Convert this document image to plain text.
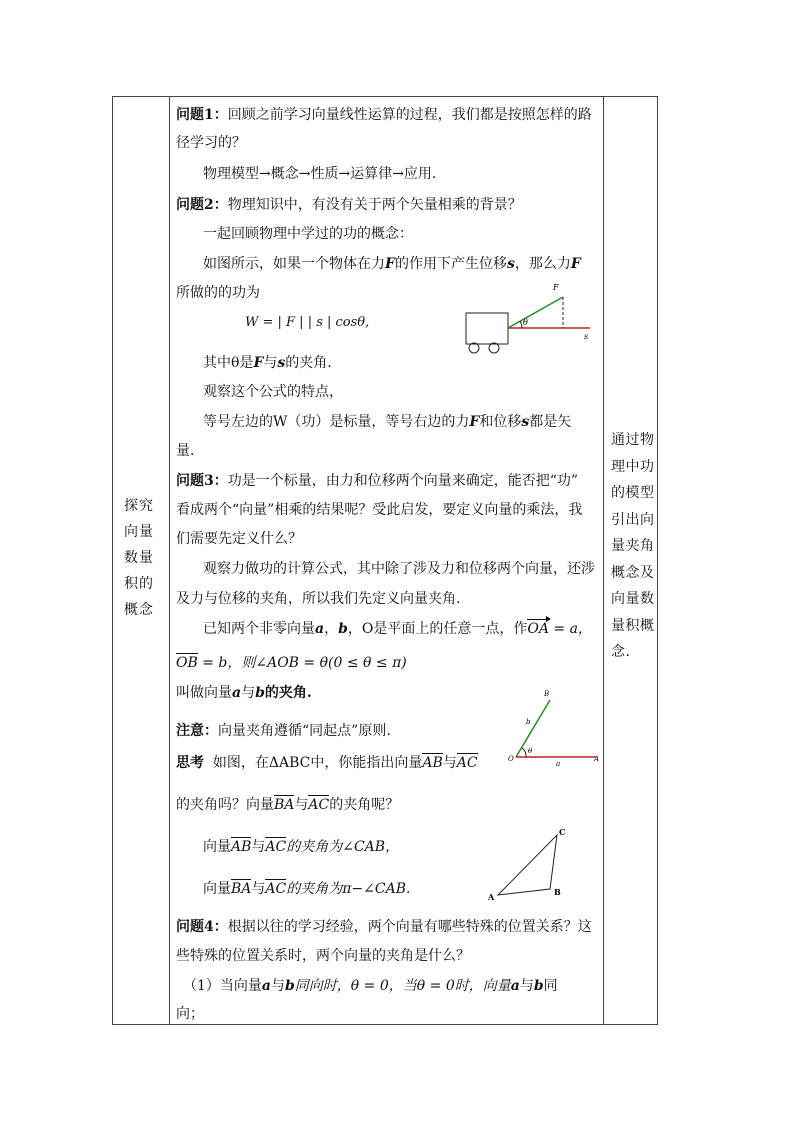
探究向量数量积的概念
通过物理中功的模型引出向量夹角概念及向量数量积概念.
问题1：回顾之前学习向量线性运算的过程，我们都是按照怎样的路
径学习的？
物理模型→概念→性质→运算律→应用.
问题2：物理知识中，有没有关于两个矢量相乘的背景？
一起回顾物理中学过的功的概念：
如图所示，如果一个物体在力F的作用下产生位移s，那么力F
所做的的功为
W = | F | | s | cosθ,
F
θ
s
其中θ是F与s的夹角.
观察这个公式的特点，
等号左边的W（功）是标量，等号右边的力F和位移s都是矢
量.
问题3：功是一个标量，由力和位移两个向量来确定，能否把“功”
看成两个“向量”相乘的结果呢？受此启发，要定义向量的乘法，我
们需要先定义什么？
观察力做功的计算公式，其中除了涉及力和位移两个向量，还涉
及力与位移的夹角，所以我们先定义向量夹角.
已知两个非零向量a，b，O是平面上的任意一点，作OA = a，
OB = b，则∠AOB = θ(0 ≤ θ ≤ π)
叫做向量a与b的夹角.
注意：向量夹角遵循“同起点”原则.
B
b
θ
O
a
A
思考 如图，在ΔABC中，你能指出向量AB与AC
的夹角吗？向量BA与AC的夹角呢？
向量AB与AC的夹角为∠CAB，
向量BA与AC的夹角为π−∠CAB.	A	B
C
问题4：根据以往的学习经验，两个向量有哪些特殊的位置关系？这
些特殊的位置关系时，两个向量的夹角是什么？
（1）当向量a与b同向时，θ = 0，当θ = 0时，向量a与b同
向；
